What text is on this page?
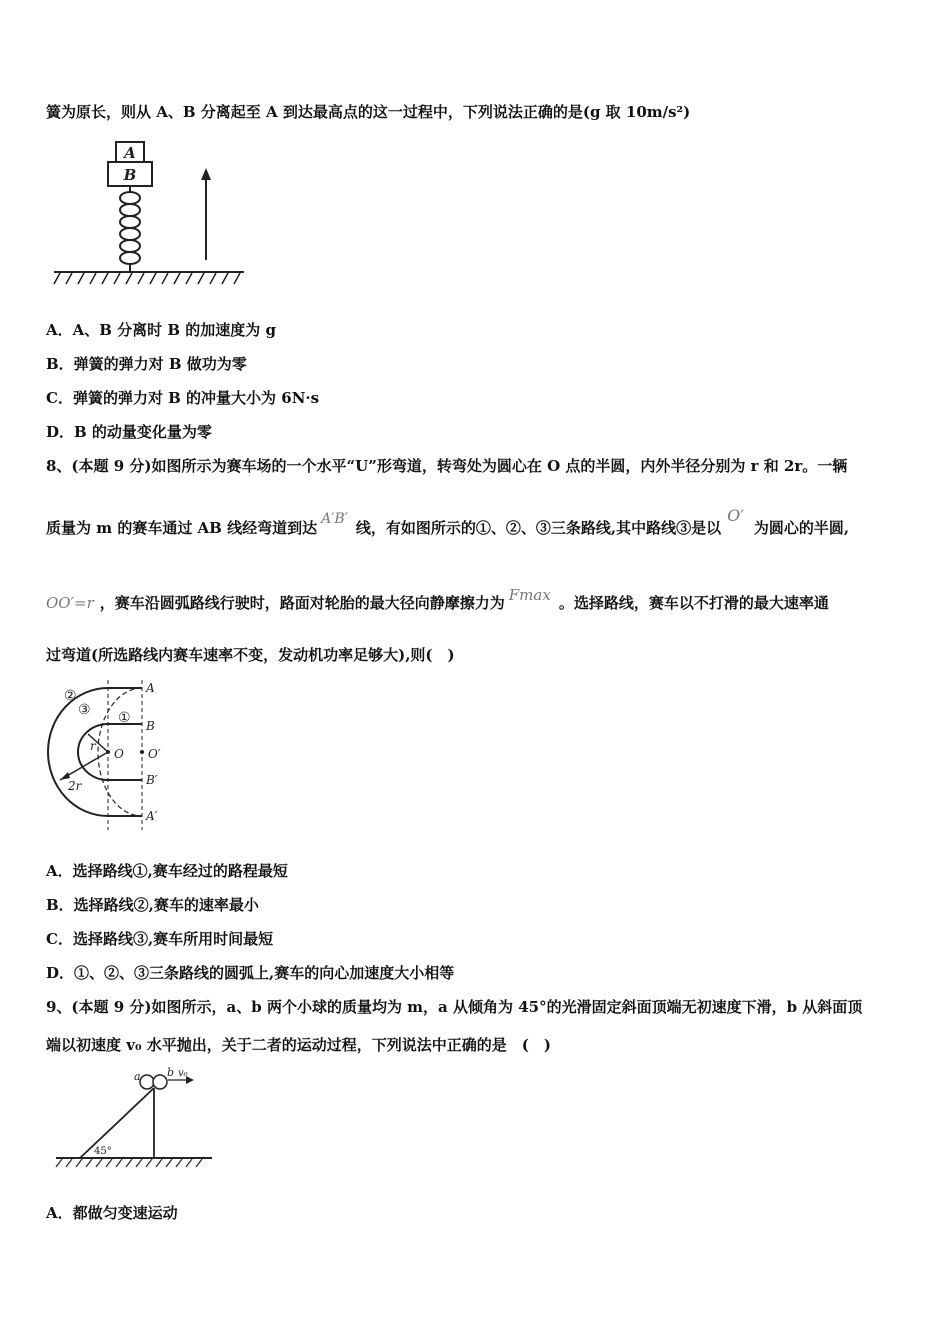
簧为原长，则从 A、B 分离起至 A 到达最高点的这一过程中，下列说法正确的是(g 取 10m/s²)
A
B
A．A、B 分离时 B 的加速度为 g
B．弹簧的弹力对 B 做功为零
C．弹簧的弹力对 B 的冲量大小为 6N·s
D．B 的动量变化量为零
8、(本题 9 分)如图所示为赛车场的一个水平“U”形弯道，转弯处为圆心在 O 点的半圆，内外半径分别为 r 和 2r。一辆
质量为 m 的赛车通过 AB 线经弯道到达 A′B′ 线，有如图所示的①、②、③三条路线,其中路线③是以O′为圆心的半圆,
OO′=r ，赛车沿圆弧路线行驶时，路面对轮胎的最大径向静摩擦力为 Fmax 。选择路线，赛车以不打滑的最大速率通
过弯道(所选路线内赛车速率不变，发动机功率足够大),则(　)
②
③ ①
A
B
O O′
B′
A′
r
2r
A．选择路线①,赛车经过的路程最短
B．选择路线②,赛车的速率最小
C．选择路线③,赛车所用时间最短
D．①、②、③三条路线的圆弧上,赛车的向心加速度大小相等
9、(本题 9 分)如图所示，a、b 两个小球的质量均为 m，a 从倾角为 45°的光滑固定斜面顶端无初速度下滑，b 从斜面顶
端以初速度 v₀ 水平抛出，关于二者的运动过程，下列说法中正确的是　(　)
a b v₀
45°
A．都做匀变速运动
